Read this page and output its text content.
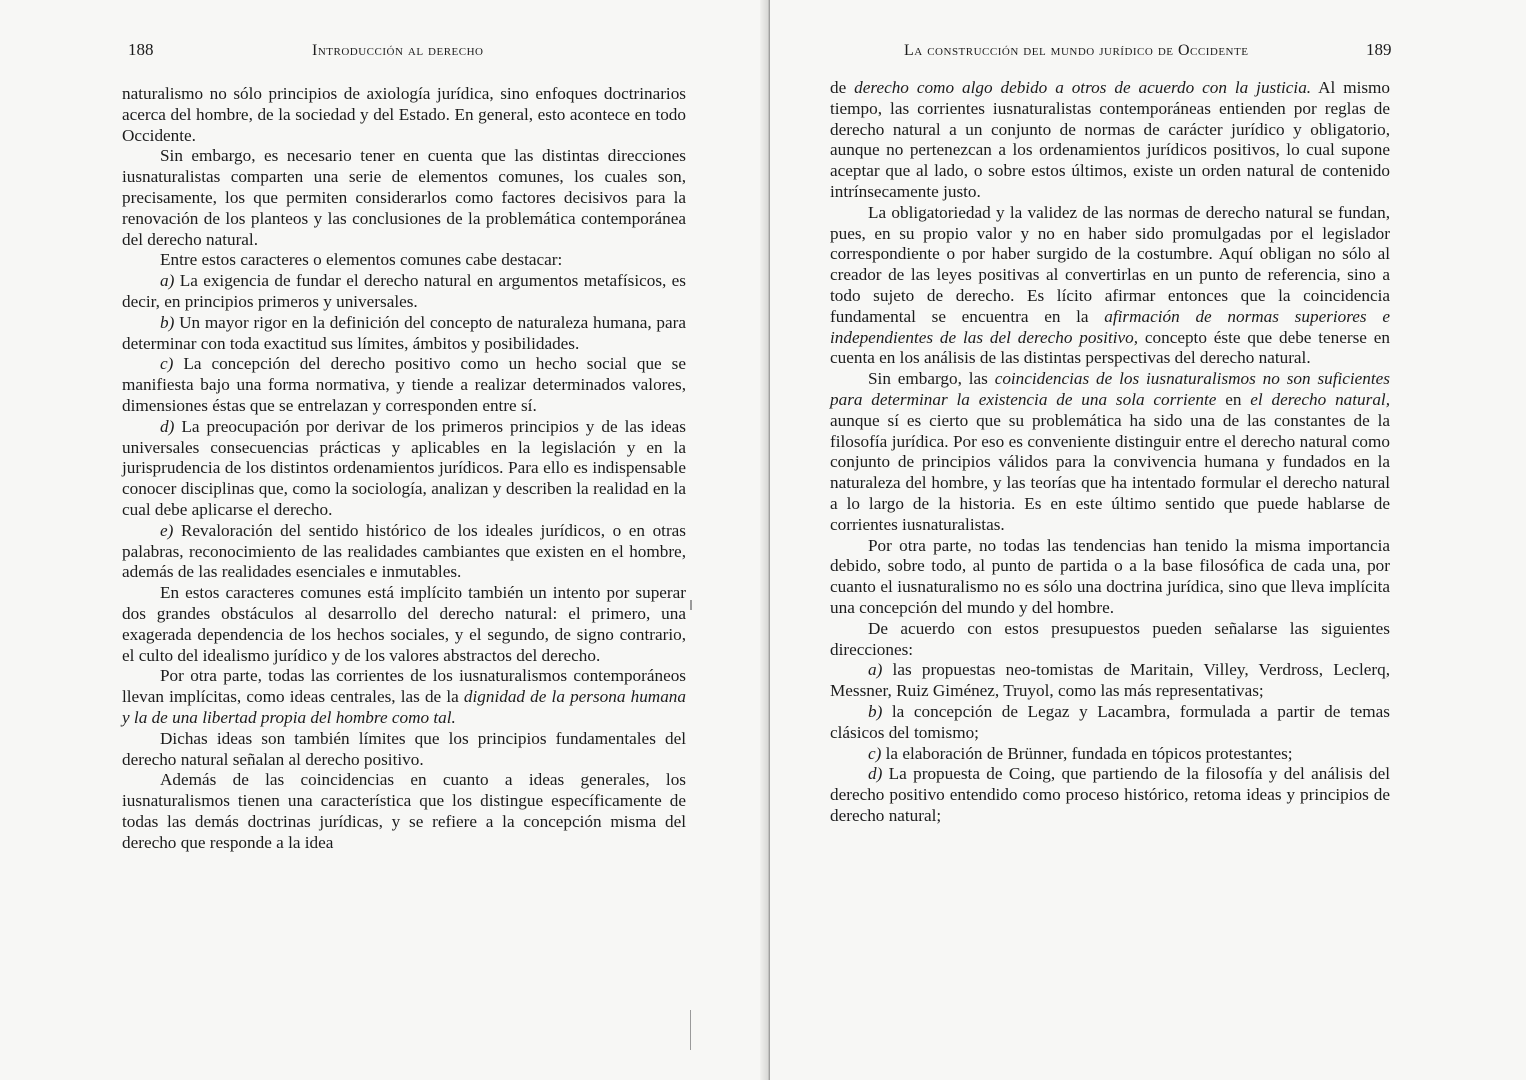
188	Introducción al derecho

naturalismo no sólo principios de axiología jurídica, sino enfoques doctrinarios acerca del hombre, de la sociedad y del Estado. En general, esto acontece en todo Occidente.

Sin embargo, es necesario tener en cuenta que las distintas direcciones iusnaturalistas comparten una serie de elementos comunes, los cuales son, precisamente, los que permiten considerarlos como factores decisivos para la renovación de los planteos y las conclusiones de la problemática contemporánea del derecho natural.

Entre estos caracteres o elementos comunes cabe destacar:

a) La exigencia de fundar el derecho natural en argumentos metafísicos, es decir, en principios primeros y universales.

b) Un mayor rigor en la definición del concepto de naturaleza humana, para determinar con toda exactitud sus límites, ámbitos y posibilidades.

c) La concepción del derecho positivo como un hecho social que se manifiesta bajo una forma normativa, y tiende a realizar determinados valores, dimensiones éstas que se entrelazan y corresponden entre sí.

d) La preocupación por derivar de los primeros principios y de las ideas universales consecuencias prácticas y aplicables en la legislación y en la jurisprudencia de los distintos ordenamientos jurídicos. Para ello es indispensable conocer disciplinas que, como la sociología, analizan y describen la realidad en la cual debe aplicarse el derecho.

e) Revaloración del sentido histórico de los ideales jurídicos, o en otras palabras, reconocimiento de las realidades cambiantes que existen en el hombre, además de las realidades esenciales e inmutables.

En estos caracteres comunes está implícito también un intento por superar dos grandes obstáculos al desarrollo del derecho natural: el primero, una exagerada dependencia de los hechos sociales, y el segundo, de signo contrario, el culto del idealismo jurídico y de los valores abstractos del derecho.

Por otra parte, todas las corrientes de los iusnaturalismos contemporáneos llevan implícitas, como ideas centrales, las de la dignidad de la persona humana y la de una libertad propia del hombre como tal.

Dichas ideas son también límites que los principios fundamentales del derecho natural señalan al derecho positivo.

Además de las coincidencias en cuanto a ideas generales, los iusnaturalismos tienen una característica que los distingue específicamente de todas las demás doctrinas jurídicas, y se refiere a la concepción misma del derecho que responde a la idea

La construcción del mundo jurídico de Occidente	189

de derecho como algo debido a otros de acuerdo con la justicia. Al mismo tiempo, las corrientes iusnaturalistas contemporáneas entienden por reglas de derecho natural a un conjunto de normas de carácter jurídico y obligatorio, aunque no pertenezcan a los ordenamientos jurídicos positivos, lo cual supone aceptar que al lado, o sobre estos últimos, existe un orden natural de contenido intrínsecamente justo.

La obligatoriedad y la validez de las normas de derecho natural se fundan, pues, en su propio valor y no en haber sido promulgadas por el legislador correspondiente o por haber surgido de la costumbre. Aquí obligan no sólo al creador de las leyes positivas al convertirlas en un punto de referencia, sino a todo sujeto de derecho. Es lícito afirmar entonces que la coincidencia fundamental se encuentra en la afirmación de normas superiores e independientes de las del derecho positivo, concepto éste que debe tenerse en cuenta en los análisis de las distintas perspectivas del derecho natural.

Sin embargo, las coincidencias de los iusnaturalismos no son suficientes para determinar la existencia de una sola corriente en el derecho natural, aunque sí es cierto que su problemática ha sido una de las constantes de la filosofía jurídica. Por eso es conveniente distinguir entre el derecho natural como conjunto de principios válidos para la convivencia humana y fundados en la naturaleza del hombre, y las teorías que ha intentado formular el derecho natural a lo largo de la historia. Es en este último sentido que puede hablarse de corrientes iusnaturalistas.

Por otra parte, no todas las tendencias han tenido la misma importancia debido, sobre todo, al punto de partida o a la base filosófica de cada una, por cuanto el iusnaturalismo no es sólo una doctrina jurídica, sino que lleva implícita una concepción del mundo y del hombre.

De acuerdo con estos presupuestos pueden señalarse las siguientes direcciones:

a) las propuestas neo-tomistas de Maritain, Villey, Verdross, Leclerq, Messner, Ruiz Giménez, Truyol, como las más representativas;

b) la concepción de Legaz y Lacambra, formulada a partir de temas clásicos del tomismo;

c) la elaboración de Brünner, fundada en tópicos protestantes;

d) La propuesta de Coing, que partiendo de la filosofía y del análisis del derecho positivo entendido como proceso histórico, retoma ideas y principios de derecho natural;
